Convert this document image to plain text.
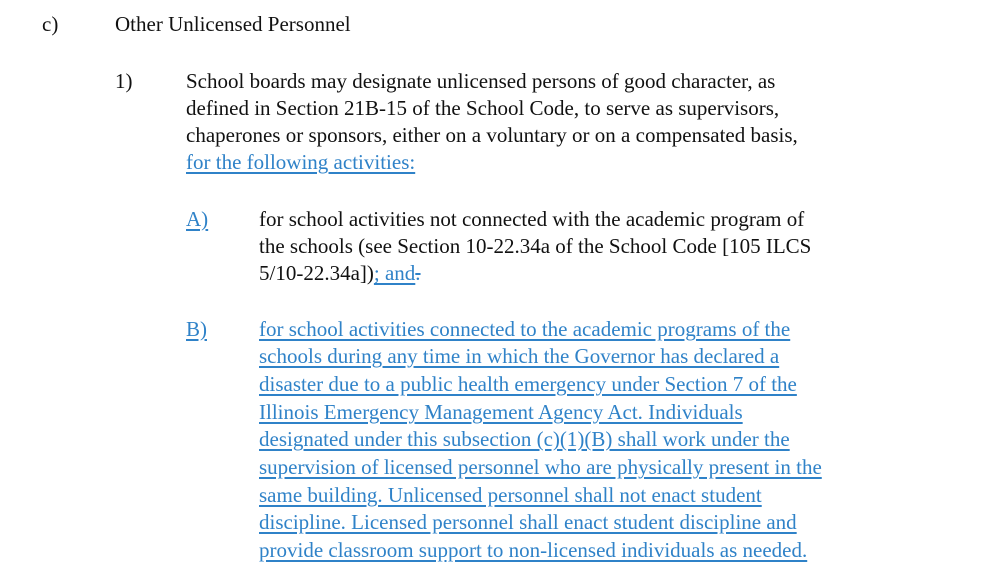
c)	Other Unlicensed Personnel
1)	School boards may designate unlicensed persons of good character, as
defined in Section 21B-15 of the School Code, to serve as supervisors,
chaperones or sponsors, either on a voluntary or on a compensated basis,
for the following activities:
A) for school activities not connected with the academic program of
the schools (see Section 10-22.34a of the School Code [105 ILCS
5/10-22.34a]); and.
B) for school activities connected to the academic programs of the
schools during any time in which the Governor has declared a
disaster due to a public health emergency under Section 7 of the
Illinois Emergency Management Agency Act. Individuals
designated under this subsection (c)(1)(B) shall work under the
supervision of licensed personnel who are physically present in the
same building. Unlicensed personnel shall not enact student
discipline. Licensed personnel shall enact student discipline and
provide classroom support to non-licensed individuals as needed.
